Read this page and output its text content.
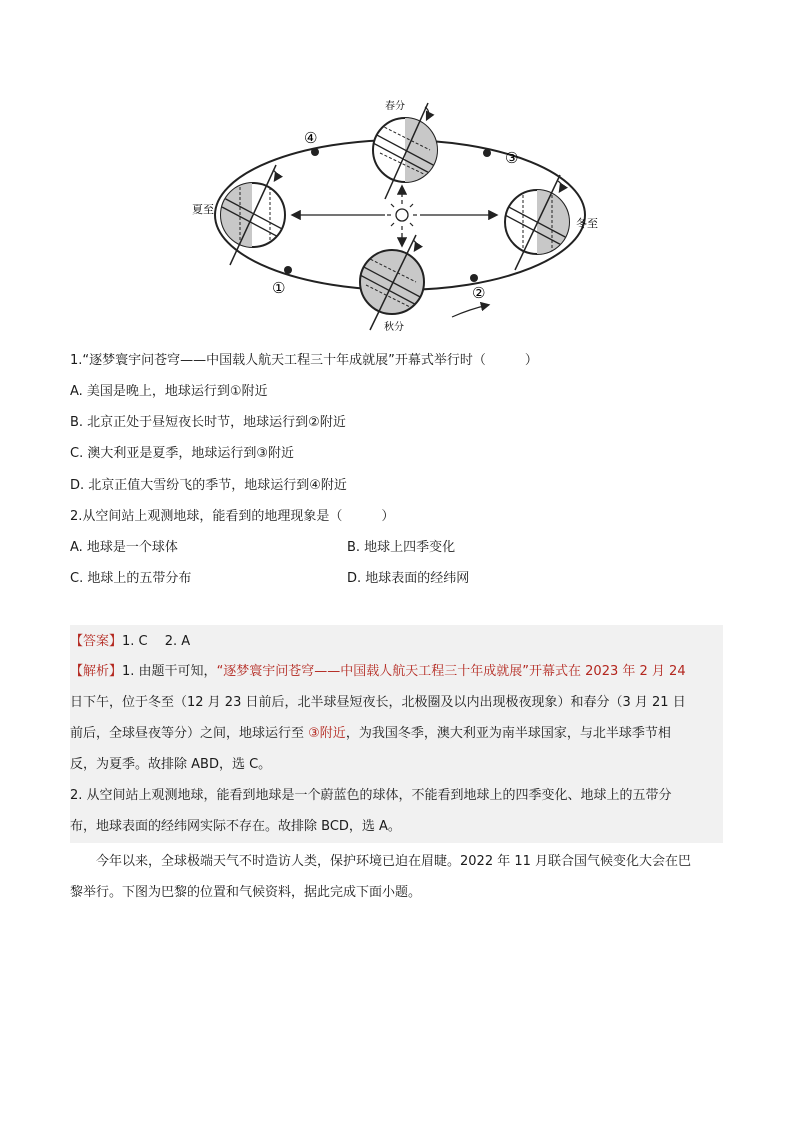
春分
夏至
冬至
秋分
①	②
③
④
1.“逐梦寰宇问苍穹——中国载人航天工程三十年成就展”开幕式举行时（　　　）
A. 美国是晚上，地球运行到①附近
B. 北京正处于昼短夜长时节，地球运行到②附近
C. 澳大利亚是夏季，地球运行到③附近
D. 北京正值大雪纷飞的季节，地球运行到④附近
2.从空间站上观测地球，能看到的地理现象是（　　　）
A. 地球是一个球体	B. 地球上四季变化
C. 地球上的五带分布	D. 地球表面的经纬网
【答案】1. C　 2. A
【解析】1. 由题干可知，“逐梦寰宇问苍穹——中国载人航天工程三十年成就展”开幕式在 2023 年 2 月 24
日下午，位于冬至（12 月 23 日前后，北半球昼短夜长，北极圈及以内出现极夜现象）和春分（3 月 21 日
前后，全球昼夜等分）之间，地球运行至 ③附近，为我国冬季，澳大利亚为南半球国家，与北半球季节相
反，为夏季。故排除 ABD，选 C。
2. 从空间站上观测地球，能看到地球是一个蔚蓝色的球体，不能看到地球上的四季变化、地球上的五带分
布，地球表面的经纬网实际不存在。故排除 BCD，选 A。
　　今年以来，全球极端天气不时造访人类，保护环境已迫在眉睫。2022 年 11 月联合国气候变化大会在巴
黎举行。下图为巴黎的位置和气候资料，据此完成下面小题。
